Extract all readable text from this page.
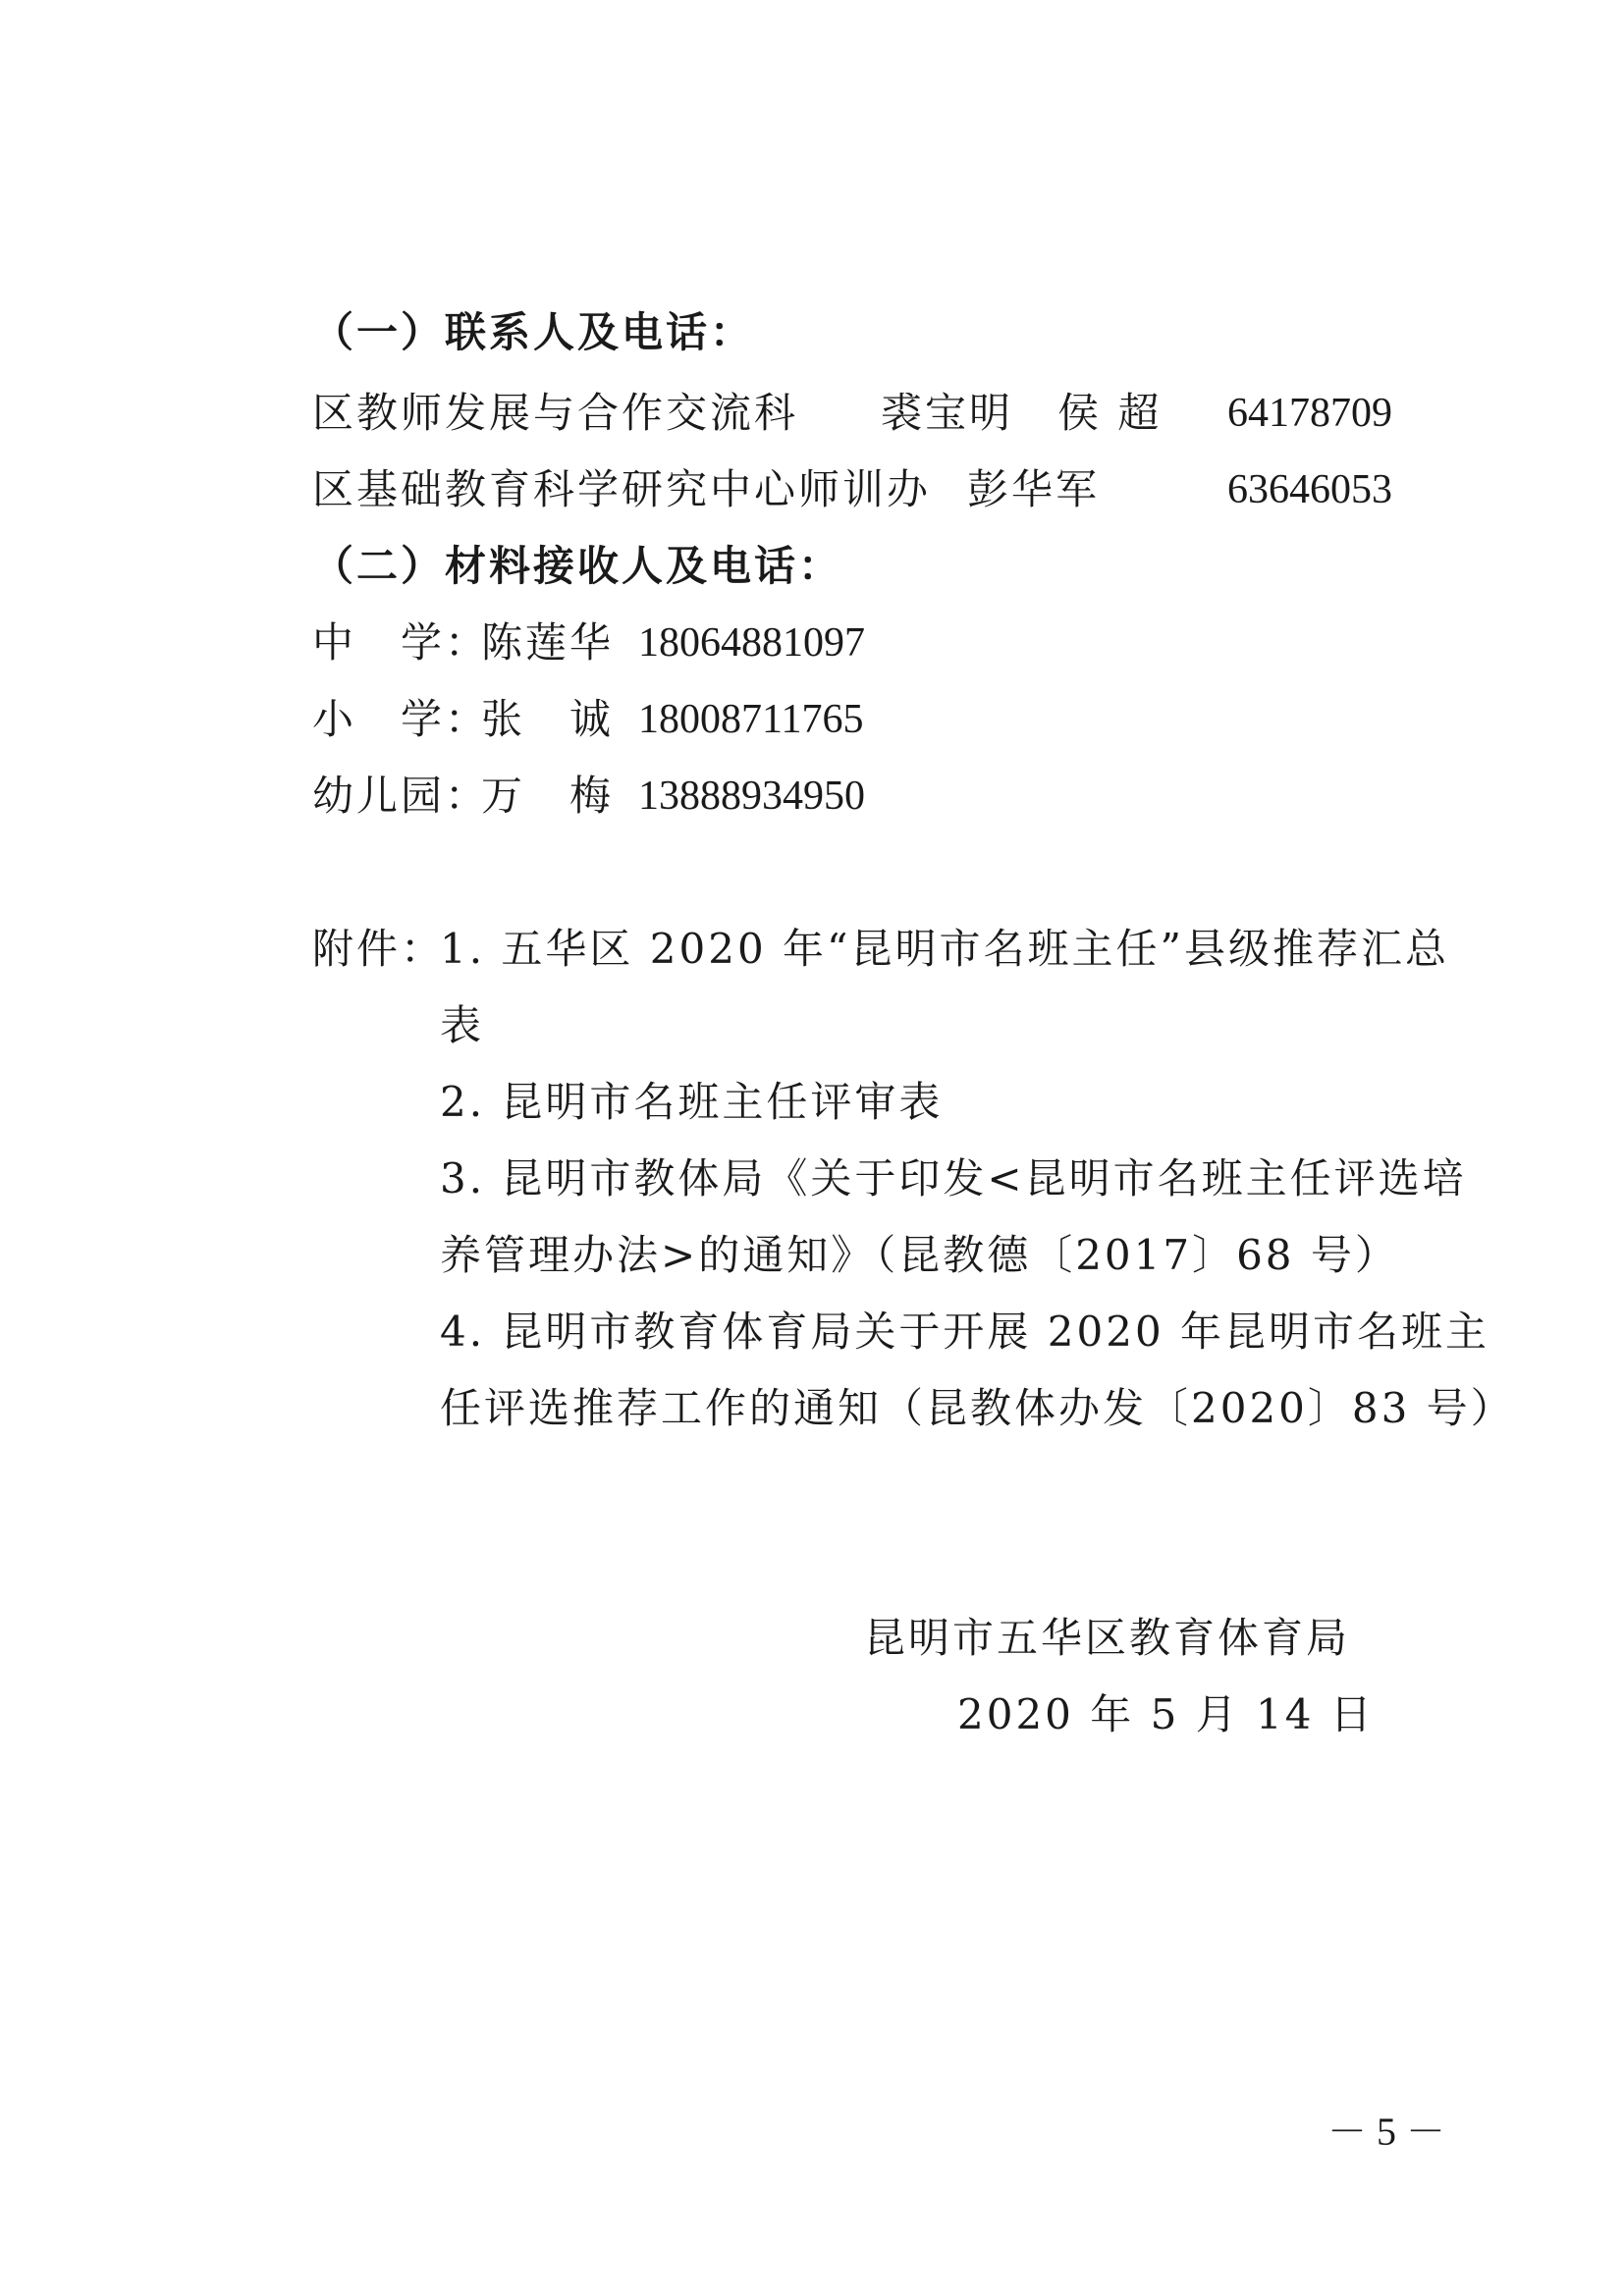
（一）联系人及电话：
区教师发展与合作交流科 裘宝明　侯 超 64178709
区基础教育科学研究中心师训办 彭华军	63646053
（二）材料接收人及电话：
中　学：
陈莲华 18064881097
小　学：
张　诚 18008711765
幼儿园：
万　梅 13888934950
附件：
1. 五华区 2020 年“昆明市名班主任”县级推荐汇总
表
2. 昆明市名班主任评审表
3. 昆明市教体局《关于印发<昆明市名班主任评选培
养管理办法>的通知》（昆教德〔2017〕68 号）
4. 昆明市教育体育局关于开展 2020 年昆明市名班主
任评选推荐工作的通知（昆教体办发〔2020〕83 号）
昆明市五华区教育体育局
2020 年 5 月 14 日
－ 5 －
